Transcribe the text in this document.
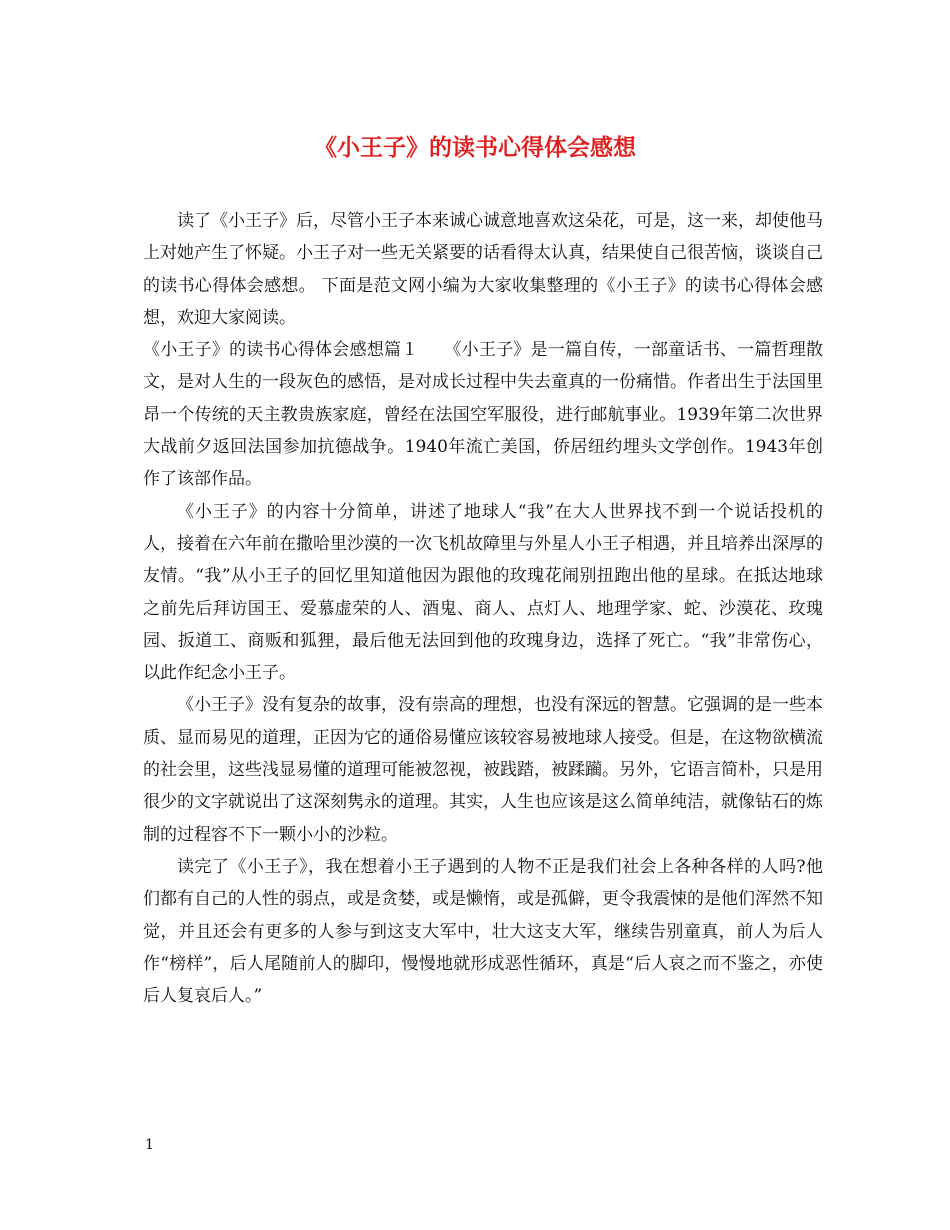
《小王子》的读书心得体会感想

读了《小王子》后，尽管小王子本来诚心诚意地喜欢这朵花，可是，这一来，却使他马上对她产生了怀疑。小王子对一些无关紧要的话看得太认真，结果使自己很苦恼，谈谈自己的读书心得体会感想。 下面是范文网小编为大家收集整理的《小王子》的读书心得体会感想，欢迎大家阅读。

《小王子》的读书心得体会感想篇１　　《小王子》是一篇自传，一部童话书、一篇哲理散文，是对人生的一段灰色的感悟，是对成长过程中失去童真的一份痛惜。作者出生于法国里昂一个传统的天主教贵族家庭，曾经在法国空军服役，进行邮航事业。1939年第二次世界大战前夕返回法国参加抗德战争。1940年流亡美国，侨居纽约埋头文学创作。1943年创作了该部作品。

《小王子》的内容十分简单，讲述了地球人“我”在大人世界找不到一个说话投机的人，接着在六年前在撒哈里沙漠的一次飞机故障里与外星人小王子相遇，并且培养出深厚的友情。“我”从小王子的回忆里知道他因为跟他的玫瑰花闹别扭跑出他的星球。在抵达地球之前先后拜访国王、爱慕虚荣的人、酒鬼、商人、点灯人、地理学家、蛇、沙漠花、玫瑰园、扳道工、商贩和狐狸，最后他无法回到他的玫瑰身边，选择了死亡。“我”非常伤心，以此作纪念小王子。

《小王子》没有复杂的故事，没有崇高的理想，也没有深远的智慧。它强调的是一些本质、显而易见的道理，正因为它的通俗易懂应该较容易被地球人接受。但是，在这物欲横流的社会里，这些浅显易懂的道理可能被忽视，被践踏，被蹂躏。另外，它语言简朴，只是用很少的文字就说出了这深刻隽永的道理。其实，人生也应该是这么简单纯洁，就像钻石的炼制的过程容不下一颗小小的沙粒。

读完了《小王子》，我在想着小王子遇到的人物不正是我们社会上各种各样的人吗?他们都有自己的人性的弱点，或是贪婪，或是懒惰，或是孤僻，更令我震悚的是他们浑然不知觉，并且还会有更多的人参与到这支大军中，壮大这支大军，继续告别童真，前人为后人作“榜样”，后人尾随前人的脚印，慢慢地就形成恶性循环，真是“后人哀之而不鉴之，亦使后人复哀后人。”

1
